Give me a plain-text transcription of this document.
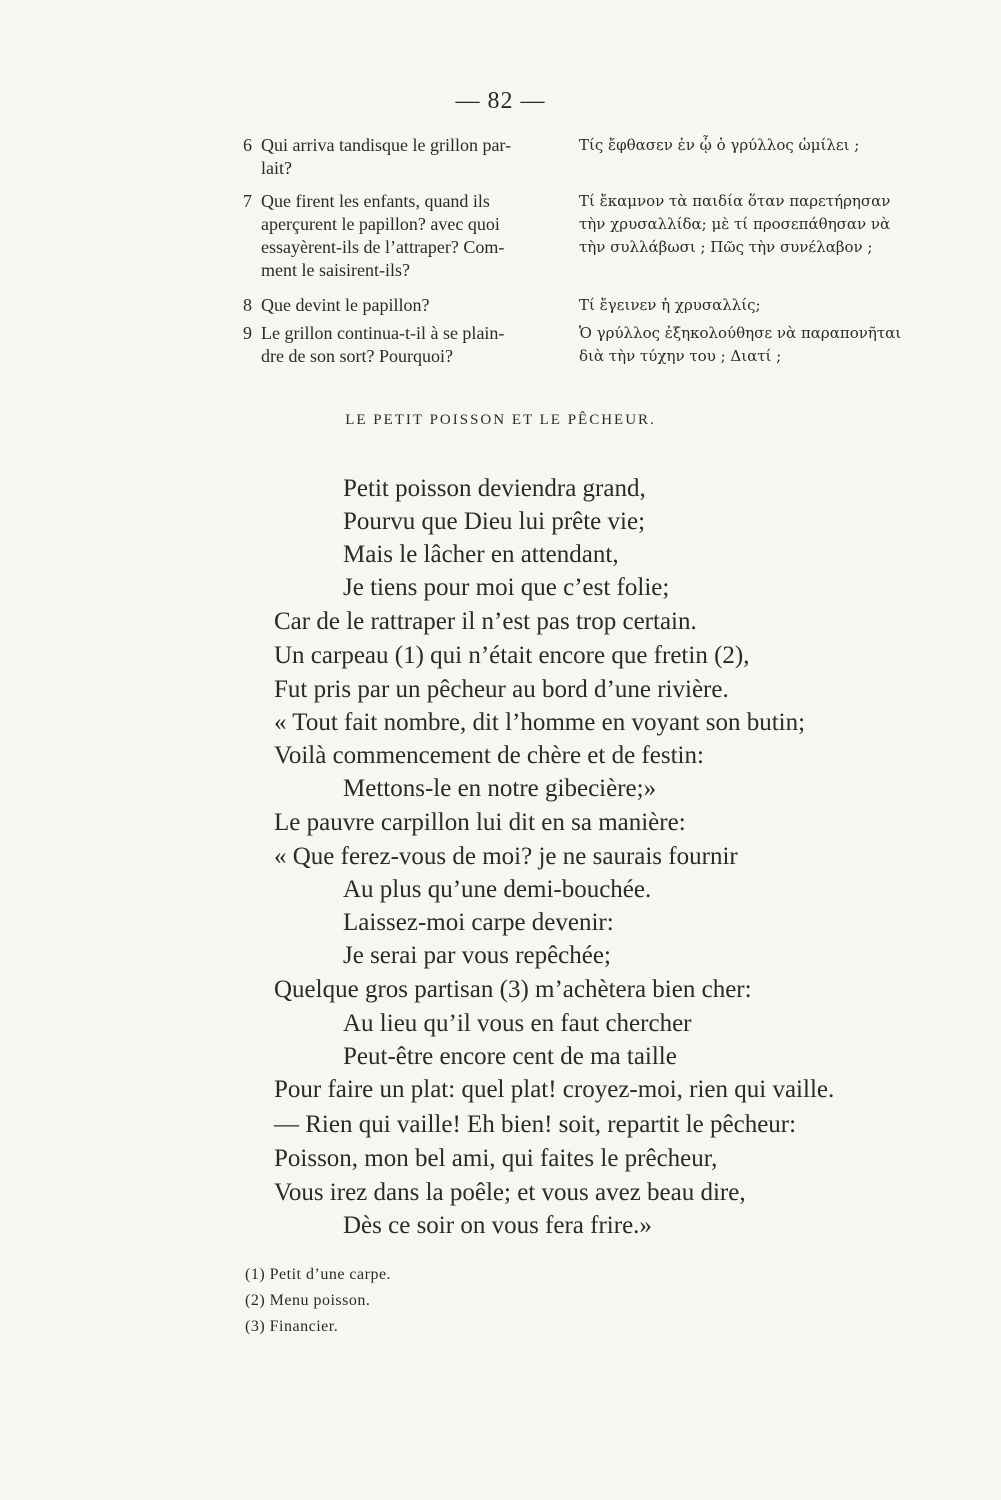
— 82 —
6 Qui arriva tandisque le grillon par-
lait?
Τίς ἔφθασεν ἐν ᾧ ὁ γρύλλος ὡμίλει ;
7 Que firent les enfants, quand ils
aperçurent le papillon? avec quoi
essayèrent-ils de l’attraper? Com-
ment le saisirent-ils?
Τί ἔκαμνον τὰ παιδία ὅταν παρετήρησαν
τὴν χρυσαλλίδα; μὲ τί προσεπάθησαν νὰ
τὴν συλλάβωσι ; Πῶς τὴν συνέλαβον ;
8 Que devint le papillon?	Τί ἔγεινεν ἡ χρυσαλλίς;
9 Le grillon continua-t-il à se plain-
dre de son sort? Pourquoi?
Ὁ γρύλλος ἐξηκολούθησε νὰ παραπονῆται
διὰ τὴν τύχην του ; Διατί ;
LE PETIT POISSON ET LE PÊCHEUR.
Petit poisson deviendra grand,
Pourvu que Dieu lui prête vie;
Mais le lâcher en attendant,
Je tiens pour moi que c’est folie;
Car de le rattraper il n’est pas trop certain.
Un carpeau (1) qui n’était encore que fretin (2),
Fut pris par un pêcheur au bord d’une rivière.
« Tout fait nombre, dit l’homme en voyant son butin;
Voilà commencement de chère et de festin:
Mettons-le en notre gibecière;»
Le pauvre carpillon lui dit en sa manière:
« Que ferez-vous de moi? je ne saurais fournir
Au plus qu’une demi-bouchée.
Laissez-moi carpe devenir:
Je serai par vous repêchée;
Quelque gros partisan (3) m’achètera bien cher:
Au lieu qu’il vous en faut chercher
Peut-être encore cent de ma taille
Pour faire un plat: quel plat! croyez-moi, rien qui vaille.
— Rien qui vaille! Eh bien! soit, repartit le pêcheur:
Poisson, mon bel ami, qui faites le prêcheur,
Vous irez dans la poêle; et vous avez beau dire,
Dès ce soir on vous fera frire.»
(1) Petit d’une carpe.
(2) Menu poisson.
(3) Financier.
